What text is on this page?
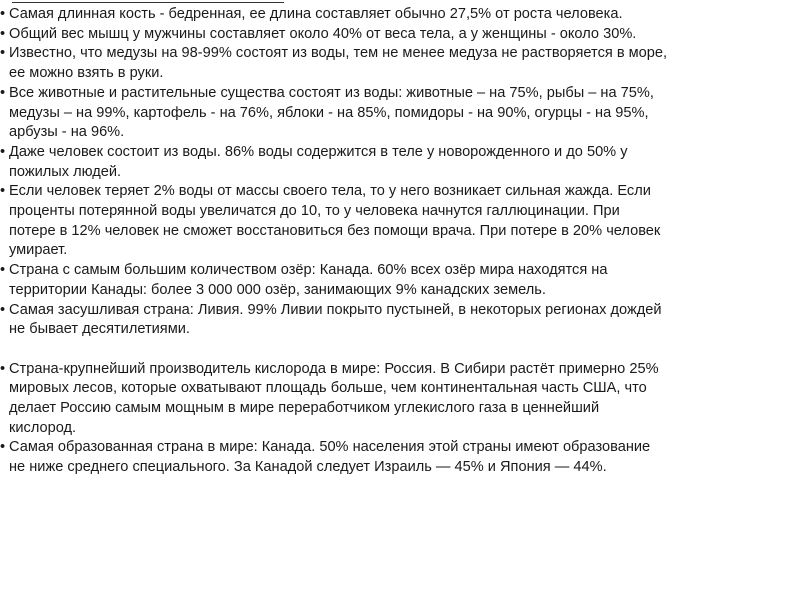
• Самая длинная кость - бедренная, ее длина составляет обычно 27,5% от роста человека.
• Общий вес мышц у мужчины составляет около 40% от веса тела, а у женщины - около 30%.
• Известно, что медузы на 98-99% состоят из воды, тем не менее медуза не растворяется в море,
ее можно взять в руки.
• Все животные и растительные существа состоят из воды: животные – на 75%, рыбы – на 75%,
медузы – на 99%, картофель - на 76%, яблоки - на 85%, помидоры - на 90%, огурцы - на 95%,
арбузы - на 96%.
• Даже человек состоит из воды. 86% воды содержится в теле у новорожденного и до 50% у
пожилых людей.
• Если человек теряет 2% воды от массы своего тела, то у него возникает сильная жажда. Если
проценты потерянной воды увеличатся до 10, то у человека начнутся галлюцинации. При
потере в 12% человек не сможет восстановиться без помощи врача. При потере в 20% человек
умирает.
• Страна с самым большим количеством озёр: Канада. 60% всех озёр мира находятся на
территории Канады: более 3 000 000 озёр, занимающих 9% канадских земель.
• Самая засушливая страна: Ливия. 99% Ливии покрыто пустыней, в некоторых регионах дождей
не бывает десятилетиями.
• Страна-крупнейший производитель кислорода в мире: Россия. В Сибири растёт примерно 25%
мировых лесов, которые охватывают площадь больше, чем континентальная часть США, что
делает Россию самым мощным в мире переработчиком углекислого газа в ценнейший
кислород.
• Самая образованная страна в мире: Канада. 50% населения этой страны имеют образование
не ниже среднего специального. За Канадой следует Израиль — 45% и Япония — 44%.
